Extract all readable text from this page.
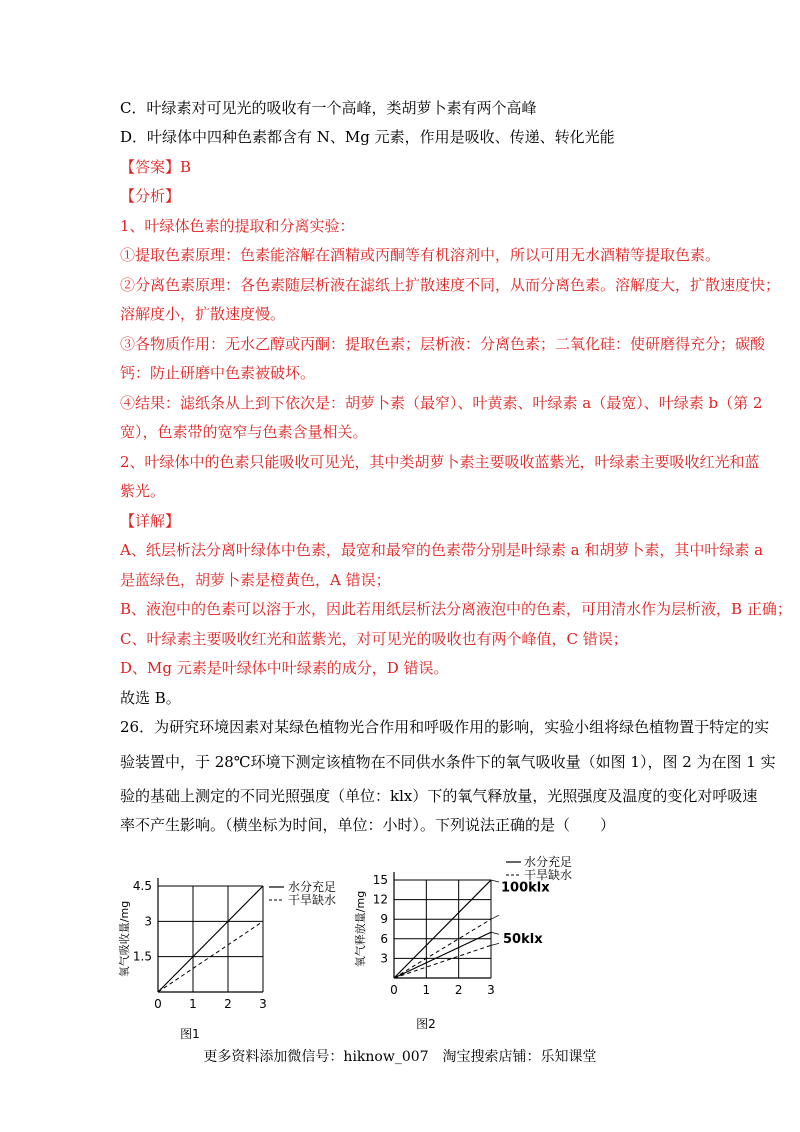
C．叶绿素对可见光的吸收有一个高峰，类胡萝卜素有两个高峰
D．叶绿体中四种色素都含有 N、Mg 元素，作用是吸收、传递、转化光能
【答案】B
【分析】
1、叶绿体色素的提取和分离实验：
①提取色素原理：色素能溶解在酒精或丙酮等有机溶剂中，所以可用无水酒精等提取色素。
②分离色素原理：各色素随层析液在滤纸上扩散速度不同，从而分离色素。溶解度大，扩散速度快；
溶解度小，扩散速度慢。
③各物质作用：无水乙醇或丙酮：提取色素；层析液：分离色素；二氧化硅：使研磨得充分；碳酸
钙：防止研磨中色素被破坏。
④结果：滤纸条从上到下依次是：胡萝卜素（最窄）、叶黄素、叶绿素 a（最宽）、叶绿素 b（第 2
宽），色素带的宽窄与色素含量相关。
2、叶绿体中的色素只能吸收可见光，其中类胡萝卜素主要吸收蓝紫光，叶绿素主要吸收红光和蓝
紫光。
【详解】
A、纸层析法分离叶绿体中色素，最宽和最窄的色素带分别是叶绿素 a 和胡萝卜素，其中叶绿素 a
是蓝绿色，胡萝卜素是橙黄色，A 错误；
B、液泡中的色素可以溶于水，因此若用纸层析法分离液泡中的色素，可用清水作为层析液，B 正确；
C、叶绿素主要吸收红光和蓝紫光，对可见光的吸收也有两个峰值，C 错误；
D、Mg 元素是叶绿体中叶绿素的成分，D 错误。
故选 B。
26．为研究环境因素对某绿色植物光合作用和呼吸作用的影响，实验小组将绿色植物置于特定的实
验装置中，于 28℃环境下测定该植物在不同供水条件下的氧气吸收量（如图 1），图 2 为在图 1 实
验的基础上测定的不同光照强度（单位：klx）下的氧气释放量，光照强度及温度的变化对呼吸速
率不产生影响。（横坐标为时间，单位：小时）。下列说法正确的是（　　）
0 1 2 3
1.5
3
4.5
氧气吸收量/mg
图1
水分充足
干旱缺水
0 1 2 3
3
6
9
12
15
氧气释放量/mg
图2
水分充足
干旱缺水
100klx
50klx
更多资料添加微信号：hiknow_007　淘宝搜索店铺：乐知课堂
